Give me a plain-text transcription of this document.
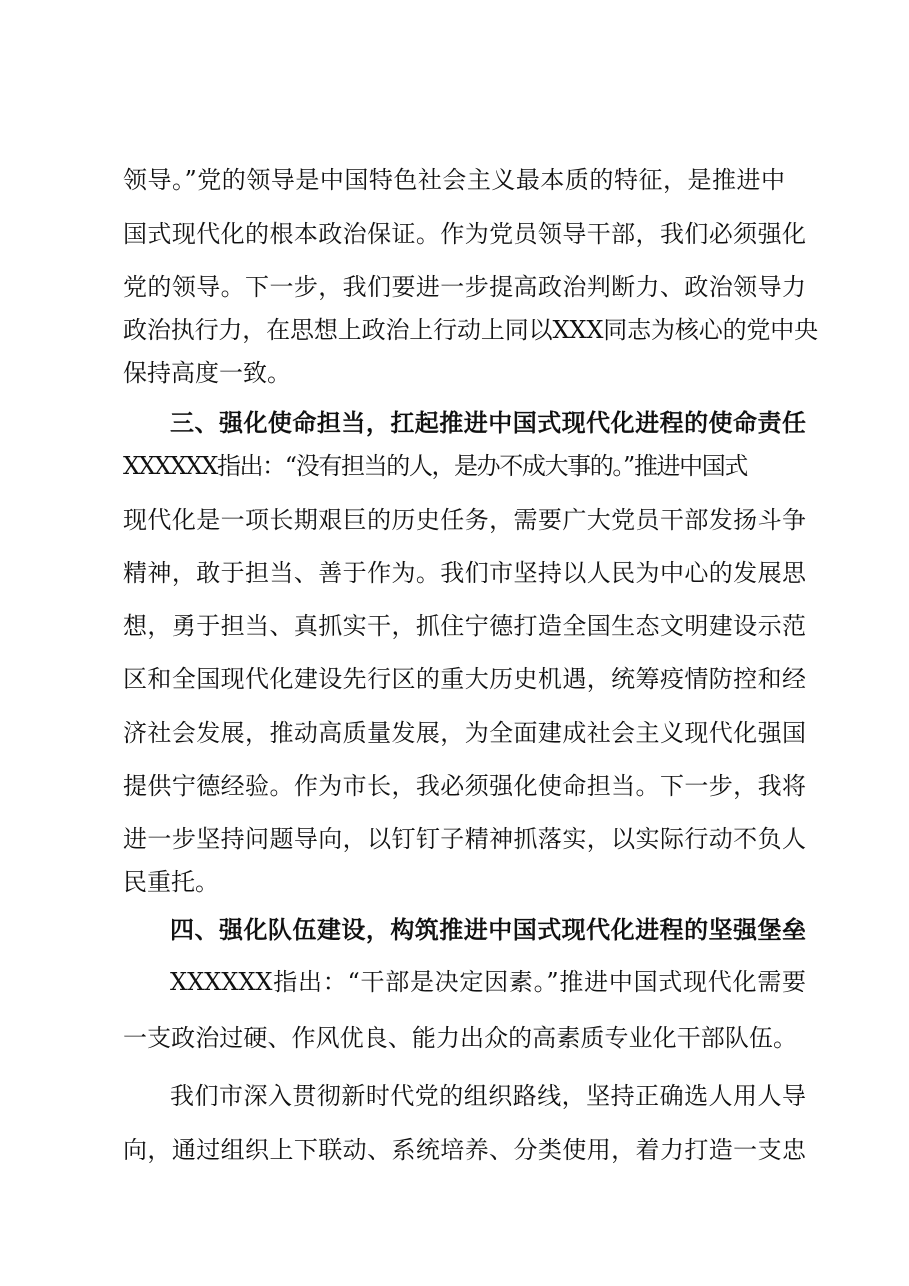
领导。”党的领导是中国特色社会主义最本质的特征，是推进中
国式现代化的根本政治保证。作为党员领导干部，我们必须强化
党的领导。下一步，我们要进一步提高政治判断力、政治领导力
政治执行力，在思想上政治上行动上同以XXX同志为核心的党中央
保持高度一致。
三、强化使命担当，扛起推进中国式现代化进程的使命责任
XXXXXX指出：“没有担当的人，是办不成大事的。”推进中国式
现代化是一项长期艰巨的历史任务，需要广大党员干部发扬斗争
精神，敢于担当、善于作为。我们市坚持以人民为中心的发展思
想，勇于担当、真抓实干，抓住宁德打造全国生态文明建设示范
区和全国现代化建设先行区的重大历史机遇，统筹疫情防控和经
济社会发展，推动高质量发展，为全面建成社会主义现代化强国
提供宁德经验。作为市长，我必须强化使命担当。下一步，我将
进一步坚持问题导向，以钉钉子精神抓落实，以实际行动不负人
民重托。
四、强化队伍建设，构筑推进中国式现代化进程的坚强堡垒
XXXXXX指出：“干部是决定因素。”推进中国式现代化需要
一支政治过硬、作风优良、能力出众的高素质专业化干部队伍。
我们市深入贯彻新时代党的组织路线，坚持正确选人用人导
向，通过组织上下联动、系统培养、分类使用，着力打造一支忠
